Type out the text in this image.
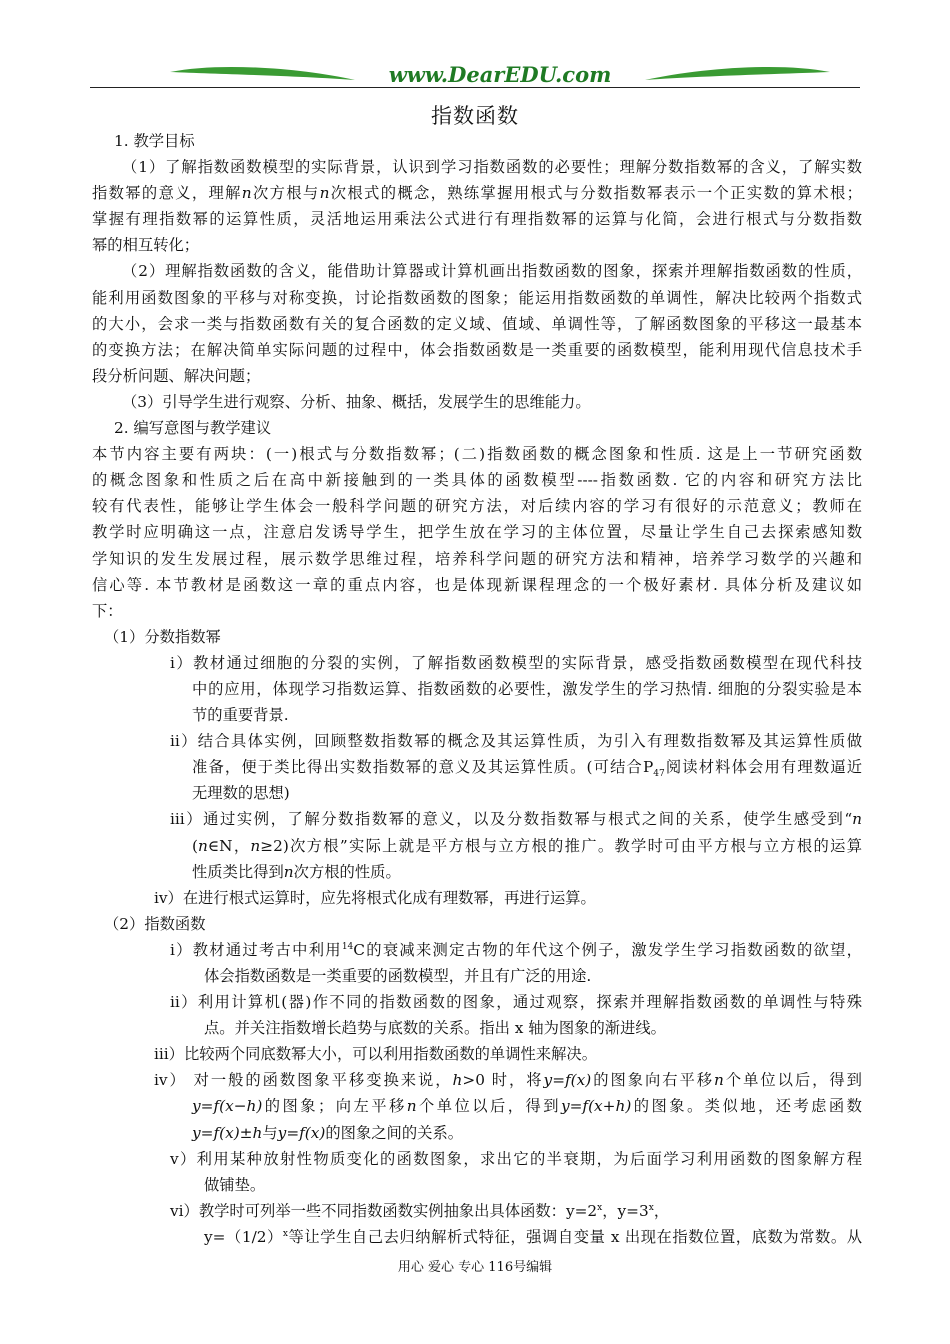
www.DearEDU.com
指数函数
1. 教学目标
（1）了解指数函数模型的实际背景，认识到学习指数函数的必要性；理解分数指数幂的含义，了解实数
指数幂的意义，理解n次方根与n次根式的概念，熟练掌握用根式与分数指数幂表示一个正实数的算术根；
掌握有理指数幂的运算性质，灵活地运用乘法公式进行有理指数幂的运算与化简，会进行根式与分数指数
幂的相互转化；
（2）理解指数函数的含义，能借助计算器或计算机画出指数函数的图象，探索并理解指数函数的性质，
能利用函数图象的平移与对称变换，讨论指数函数的图象；能运用指数函数的单调性，解决比较两个指数式
的大小，会求一类与指数函数有关的复合函数的定义域、值域、单调性等，了解函数图象的平移这一最基本
的变换方法；在解决简单实际问题的过程中，体会指数函数是一类重要的函数模型，能利用现代信息技术手
段分析问题、解决问题；
（3）引导学生进行观察、分析、抽象、概括，发展学生的思维能力。
2. 编写意图与教学建议
本节内容主要有两块：(一)根式与分数指数幂；(二)指数函数的概念图象和性质. 这是上一节研究函数
的概念图象和性质之后在高中新接触到的一类具体的函数模型----指数函数. 它的内容和研究方法比
较有代表性，能够让学生体会一般科学问题的研究方法，对后续内容的学习有很好的示范意义；教师在
教学时应明确这一点，注意启发诱导学生，把学生放在学习的主体位置，尽量让学生自己去探索感知数
学知识的发生发展过程，展示数学思维过程，培养科学问题的研究方法和精神，培养学习数学的兴趣和
信心等. 本节教材是函数这一章的重点内容，也是体现新课程理念的一个极好素材. 具体分析及建议如
下：
（1）分数指数幂
ⅰ）教材通过细胞的分裂的实例，了解指数函数模型的实际背景，感受指数函数模型在现代科技
中的应用，体现学习指数运算、指数函数的必要性，激发学生的学习热情. 细胞的分裂实验是本
节的重要背景.
ⅱ）结合具体实例，回顾整数指数幂的概念及其运算性质，为引入有理数指数幂及其运算性质做
准备，便于类比得出实数指数幂的意义及其运算性质。(可结合$P_{47}$阅读材料体会用有理数逼近
无理数的思想)
ⅲ）通过实例，了解分数指数幂的意义，以及分数指数幂与根式之间的关系，使学生感受到“n
(n∈N，n≥2)次方根”实际上就是平方根与立方根的推广。教学时可由平方根与立方根的运算
性质类比得到n次方根的性质。
ⅳ）在进行根式运算时，应先将根式化成有理数幂，再进行运算。
（2）指数函数
ⅰ）教材通过考古中利用$^{14}$C的衰减来测定古物的年代这个例子，激发学生学习指数函数的欲望，
体会指数函数是一类重要的函数模型，并且有广泛的用途.
ⅱ）利用计算机(器)作不同的指数函数的图象，通过观察，探索并理解指数函数的单调性与特殊
点。并关注指数增长趋势与底数的关系。指出 x 轴为图象的渐进线。
ⅲ）比较两个同底数幂大小，可以利用指数函数的单调性来解决。
ⅳ） 对一般的函数图象平移变换来说，h>0 时，将y=f(x)的图象向右平移n个单位以后，得到
y=f(x−h)的图象；向左平移n个单位以后，得到y=f(x+h)的图象。类似地，还考虑函数
y=f(x)±h与y=f(x)的图象之间的关系。
ⅴ）利用某种放射性物质变化的函数图象，求出它的半衰期，为后面学习利用函数的图象解方程
做铺垫。
ⅵ）教学时可列举一些不同指数函数实例抽象出具体函数：$y=2^x$，$y=3^x$，
$y=(1/2)^x$等让学生自己去归纳解析式特征，强调自变量 x 出现在指数位置，底数为常数。从
用心 爱心 专心 116号编辑
